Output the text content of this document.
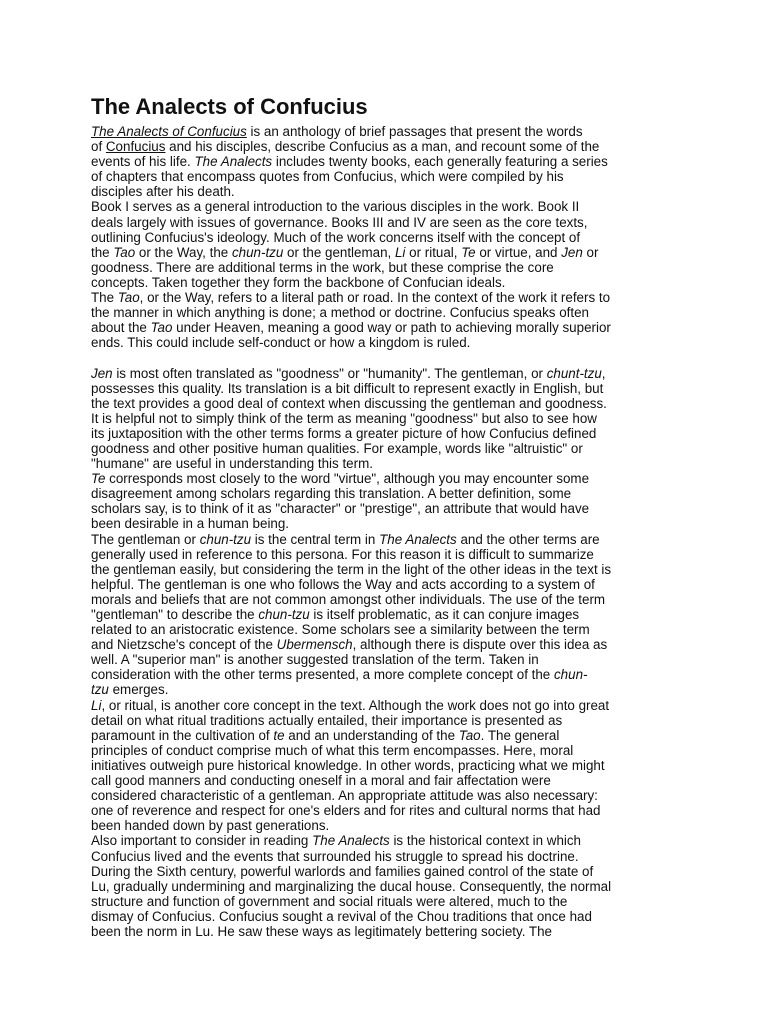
The Analects of Confucius
The Analects of Confucius is an anthology of brief passages that present the words
of Confucius and his disciples, describe Confucius as a man, and recount some of the
events of his life. The Analects includes twenty books, each generally featuring a series
of chapters that encompass quotes from Confucius, which were compiled by his
disciples after his death.
Book I serves as a general introduction to the various disciples in the work. Book II
deals largely with issues of governance. Books III and IV are seen as the core texts,
outlining Confucius's ideology. Much of the work concerns itself with the concept of
the Tao or the Way, the chun-tzu or the gentleman, Li or ritual, Te or virtue, and Jen or
goodness. There are additional terms in the work, but these comprise the core
concepts. Taken together they form the backbone of Confucian ideals.
The Tao, or the Way, refers to a literal path or road. In the context of the work it refers to
the manner in which anything is done; a method or doctrine. Confucius speaks often
about the Tao under Heaven, meaning a good way or path to achieving morally superior
ends. This could include self-conduct or how a kingdom is ruled.
Jen is most often translated as "goodness" or "humanity". The gentleman, or chunt-tzu,
possesses this quality. Its translation is a bit difficult to represent exactly in English, but
the text provides a good deal of context when discussing the gentleman and goodness.
It is helpful not to simply think of the term as meaning "goodness" but also to see how
its juxtaposition with the other terms forms a greater picture of how Confucius defined
goodness and other positive human qualities. For example, words like "altruistic" or
"humane" are useful in understanding this term.
Te corresponds most closely to the word "virtue", although you may encounter some
disagreement among scholars regarding this translation. A better definition, some
scholars say, is to think of it as "character" or "prestige", an attribute that would have
been desirable in a human being.
The gentleman or chun-tzu is the central term in The Analects and the other terms are
generally used in reference to this persona. For this reason it is difficult to summarize
the gentleman easily, but considering the term in the light of the other ideas in the text is
helpful. The gentleman is one who follows the Way and acts according to a system of
morals and beliefs that are not common amongst other individuals. The use of the term
"gentleman" to describe the chun-tzu is itself problematic, as it can conjure images
related to an aristocratic existence. Some scholars see a similarity between the term
and Nietzsche's concept of the Ubermensch, although there is dispute over this idea as
well. A "superior man" is another suggested translation of the term. Taken in
consideration with the other terms presented, a more complete concept of the chun-
tzu emerges.
Li, or ritual, is another core concept in the text. Although the work does not go into great
detail on what ritual traditions actually entailed, their importance is presented as
paramount in the cultivation of te and an understanding of the Tao. The general
principles of conduct comprise much of what this term encompasses. Here, moral
initiatives outweigh pure historical knowledge. In other words, practicing what we might
call good manners and conducting oneself in a moral and fair affectation were
considered characteristic of a gentleman. An appropriate attitude was also necessary:
one of reverence and respect for one's elders and for rites and cultural norms that had
been handed down by past generations.
Also important to consider in reading The Analects is the historical context in which
Confucius lived and the events that surrounded his struggle to spread his doctrine.
During the Sixth century, powerful warlords and families gained control of the state of
Lu, gradually undermining and marginalizing the ducal house. Consequently, the normal
structure and function of government and social rituals were altered, much to the
dismay of Confucius. Confucius sought a revival of the Chou traditions that once had
been the norm in Lu. He saw these ways as legitimately bettering society. The
